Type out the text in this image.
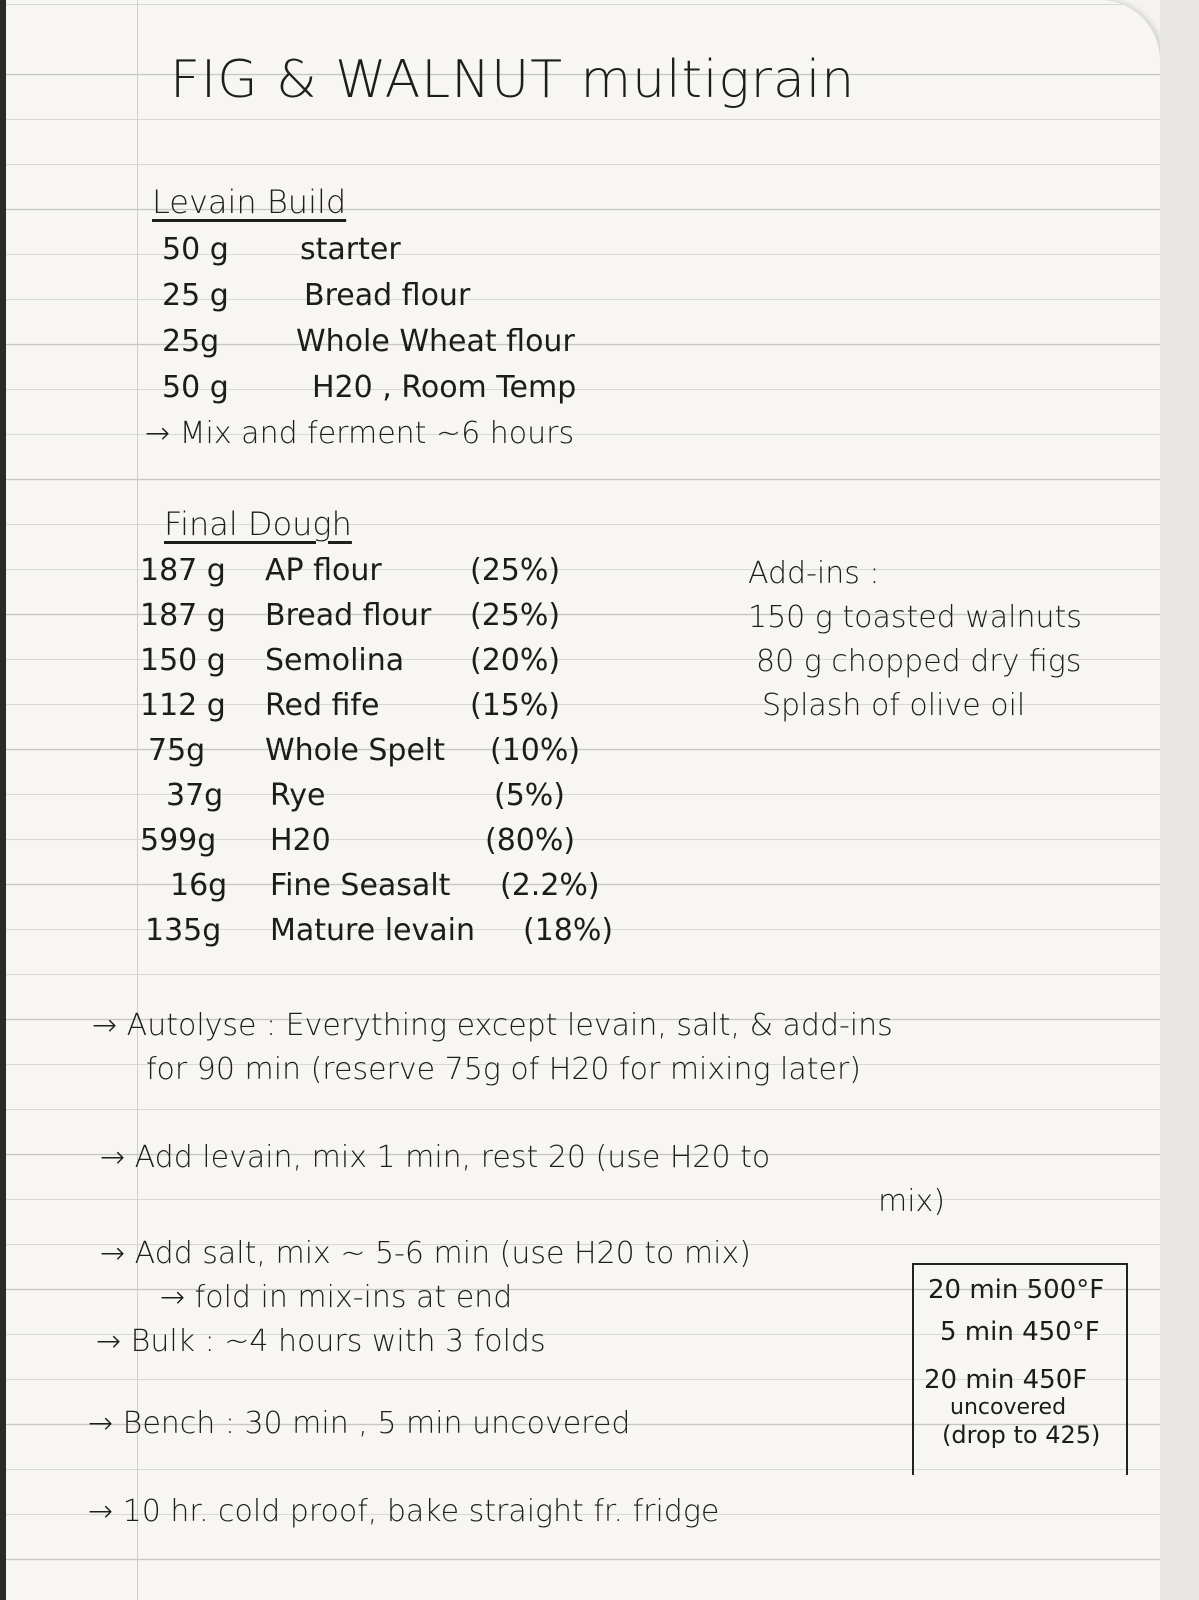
FIG & WALNUT multigrain
Levain Build
50 g starter
25 g	Bread flour
25g	Whole Wheat flour
50 g	H20 , Room Temp
→ Mix and ferment ~6 hours
Final Dough
187 g AP flour	(25%)
187 g Bread flour (25%)
150 g Semolina (20%)
112 g Red fife	(15%)
75g Whole Spelt (10%)
37g Rye	(5%)
599g H20	(80%)
16g Fine Seasalt (2.2%)
135g Mature levain (18%)
Add-ins :
150 g toasted walnuts
80 g chopped dry figs
Splash of olive oil
→ Autolyse : Everything except levain, salt, & add-ins
for 90 min (reserve 75g of H20 for mixing later)
→ Add levain, mix 1 min, rest 20 (use H20 to
mix)
→ Add salt, mix ~ 5-6 min (use H20 to mix)
→ fold in mix-ins at end
→ Bulk : ~4 hours with 3 folds
→ Bench : 30 min , 5 min uncovered
→ 10 hr. cold proof, bake straight fr. fridge
20 min 500°F
5 min 450°F
20 min 450F
uncovered
(drop to 425)
